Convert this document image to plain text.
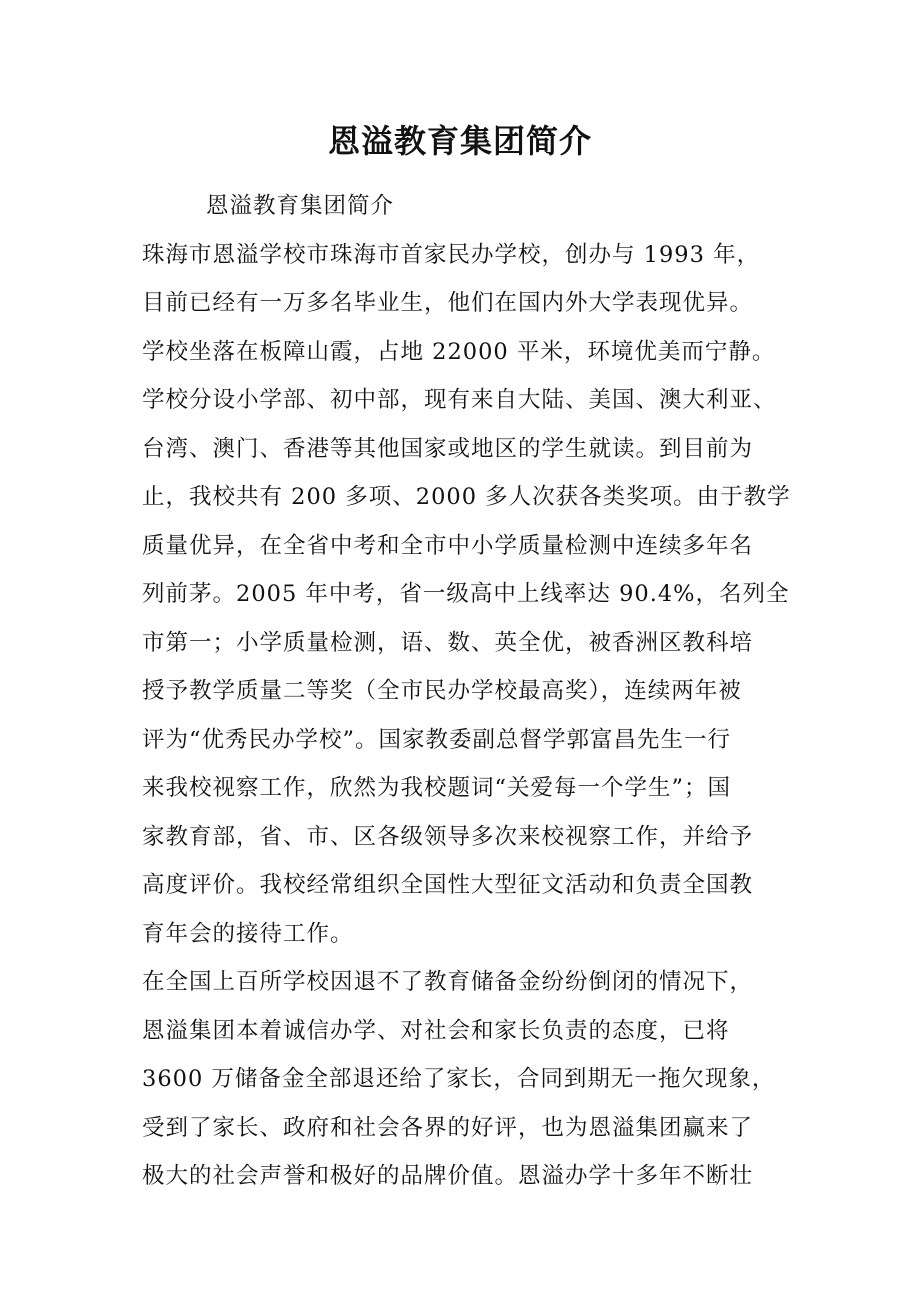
恩溢教育集团简介
恩溢教育集团简介
珠海市恩溢学校市珠海市首家民办学校，创办与 1993 年，
目前已经有一万多名毕业生，他们在国内外大学表现优异。
学校坐落在板障山霞，占地 22000 平米，环境优美而宁静。
学校分设小学部、初中部，现有来自大陆、美国、澳大利亚、
台湾、澳门、香港等其他国家或地区的学生就读。到目前为
止，我校共有 200 多项、2000 多人次获各类奖项。由于教学
质量优异，在全省中考和全市中小学质量检测中连续多年名
列前茅。2005 年中考，省一级高中上线率达 90.4%，名列全
市第一；小学质量检测，语、数、英全优，被香洲区教科培
授予教学质量二等奖（全市民办学校最高奖），连续两年被
评为“优秀民办学校”。国家教委副总督学郭富昌先生一行
来我校视察工作，欣然为我校题词“关爱每一个学生”；国
家教育部，省、市、区各级领导多次来校视察工作，并给予
高度评价。我校经常组织全国性大型征文活动和负责全国教
育年会的接待工作。
在全国上百所学校因退不了教育储备金纷纷倒闭的情况下，
恩溢集团本着诚信办学、对社会和家长负责的态度，已将
3600 万储备金全部退还给了家长，合同到期无一拖欠现象，
受到了家长、政府和社会各界的好评，也为恩溢集团赢来了
极大的社会声誉和极好的品牌价值。恩溢办学十多年不断壮
